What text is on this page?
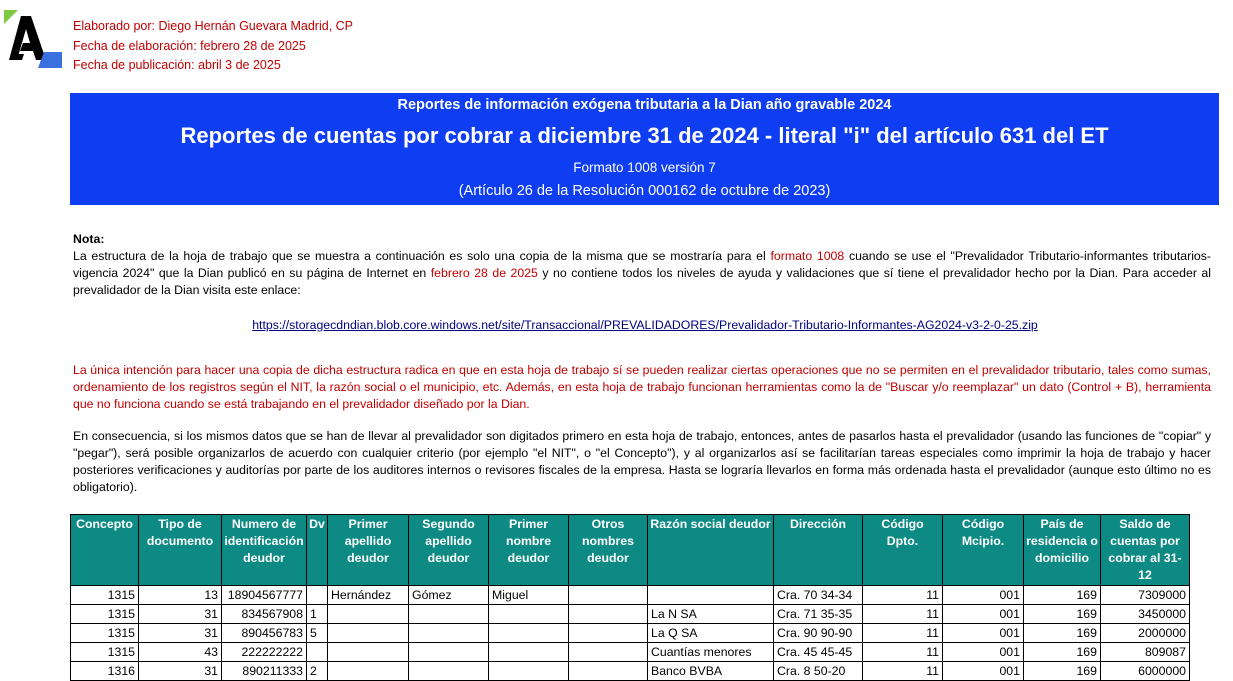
Elaborado por: Diego Hernán Guevara Madrid, CP
Fecha de elaboración: febrero 28 de 2025
Fecha de publicación: abril 3 de 2025
Reportes de información exógena tributaria a la Dian año gravable 2024
Reportes de cuentas por cobrar a diciembre 31 de 2024 - literal "i" del artículo 631 del ET
Formato 1008 versión 7
(Artículo 26 de la Resolución 000162 de octubre de 2023)
Nota:
La estructura de la hoja de trabajo que se muestra a continuación es solo una copia de la misma que se mostraría para el formato 1008 cuando se use el "Prevalidador Tributario-informantes tributarios-vigencia 2024" que la Dian publicó en su página de Internet en febrero 28 de 2025 y no contiene todos los niveles de ayuda y validaciones que sí tiene el prevalidador hecho por la Dian. Para acceder al prevalidador de la Dian visita este enlace:
https://storagecdndian.blob.core.windows.net/site/Transaccional/PREVALIDADORES/Prevalidador-Tributario-Informantes-AG2024-v3-2-0-25.zip
La única intención para hacer una copia de dicha estructura radica en que en esta hoja de trabajo sí se pueden realizar ciertas operaciones que no se permiten en el prevalidador tributario, tales como sumas, ordenamiento de los registros según el NIT, la razón social o el municipio, etc. Además, en esta hoja de trabajo funcionan herramientas como la de "Buscar y/o reemplazar" un dato (Control + B), herramienta que no funciona cuando se está trabajando en el prevalidador diseñado por la Dian.
En consecuencia, si los mismos datos que se han de llevar al prevalidador son digitados primero en esta hoja de trabajo, entonces, antes de pasarlos hasta el prevalidador (usando las funciones de "copiar" y "pegar"), será posible organizarlos de acuerdo con cualquier criterio (por ejemplo "el NIT", o "el Concepto"), y al organizarlos así se facilitarían tareas especiales como imprimir la hoja de trabajo y hacer posteriores verificaciones y auditorías por parte de los auditores internos o revisores fiscales de la empresa. Hasta se lograría llevarlos en forma más ordenada hasta el prevalidador (aunque esto último no es obligatorio).
Concepto	Tipo de documento	Numero de identificación deudor	Dv	Primer apellido deudor	Segundo apellido deudor	Primer nombre deudor	Otros nombres deudor	Razón social deudor	Dirección	Código Dpto.	Código Mcipio.	País de residencia o domicilio	Saldo de cuentas por cobrar al 31-12
1315	13	18904567777		Hernández	Gómez	Miguel			Cra. 70 34-34	11	001	169	7309000
1315	31	834567908	1					La N SA	Cra. 71 35-35	11	001	169	3450000
1315	31	890456783	5					La Q SA	Cra. 90 90-90	11	001	169	2000000
1315	43	222222222						Cuantías menores	Cra. 45 45-45	11	001	169	809087
1316	31	890211333	2					Banco BVBA	Cra. 8 50-20	11	001	169	6000000
